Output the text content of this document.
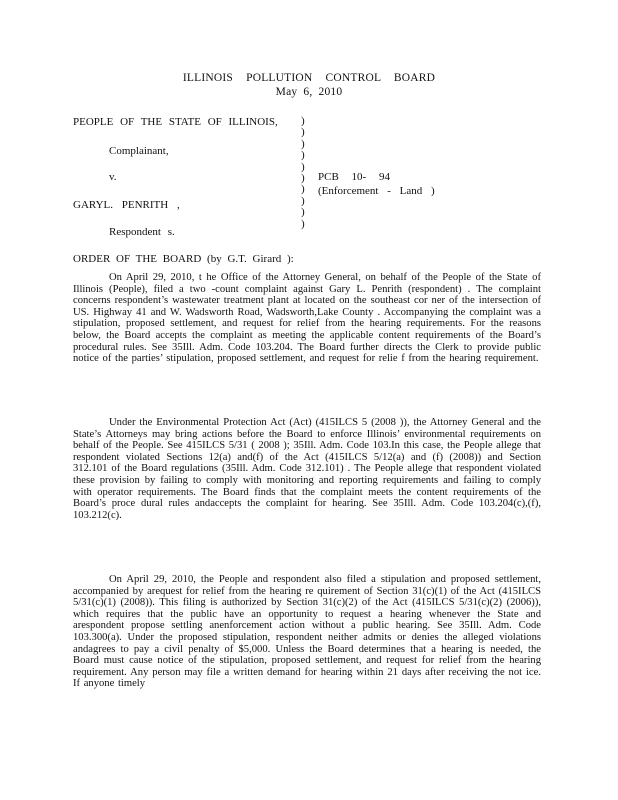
ILLINOIS POLLUTION CONTROL BOARD
May 6, 2010
PEOPLE OF THE STATE OF ILLINOIS,
Complainant,
v.
GARYL. PENRITH ,
Respondent s.
)
)
)
)
)
)
)
)
)
)
PCB 10- 94
(Enforcement - Land )
ORDER OF THE BOARD (by G.T. Girard ):

On April 29, 2010, t he Office of the Attorney General, on behalf of the People of the State of Illinois (People), filed a two -count complaint against Gary L. Penrith (respondent) . The complaint concerns respondent’s wastewater treatment plant at located on the southeast cor ner of the intersection of US. Highway 41 and W. Wadsworth Road, Wadsworth,Lake County . Accompanying the complaint was a stipulation, proposed settlement, and request for relief from the hearing requirements. For the reasons below, the Board accepts the complaint as meeting the applicable content requirements of the Board’s procedural rules. See 35Ill. Adm. Code 103.204. The Board further directs the Clerk to provide public notice of the parties’ stipulation, proposed settlement, and request for relie f from the hearing requirement.

Under the Environmental Protection Act (Act) (415ILCS 5 (2008 )), the Attorney General and the State’s Attorneys may bring actions before the Board to enforce Illinois’ environmental requirements on behalf of the People. See 415ILCS 5/31 ( 2008 ); 35Ill. Adm. Code 103.In this case, the People allege that respondent violated Sections 12(a) and(f) of the Act (415ILCS 5/12(a) and (f) (2008)) and Section 312.101 of the Board regulations (35Ill. Adm. Code 312.101) . The People allege that respondent violated these provision by failing to comply with monitoring and reporting requirements and failing to comply with operator requirements. The Board finds that the complaint meets the content requirements of the Board’s proce dural rules andaccepts the complaint for hearing. See 35Ill. Adm. Code 103.204(c),(f), 103.212(c).

On April 29, 2010, the People and respondent also filed a stipulation and proposed settlement, accompanied by arequest for relief from the hearing re quirement of Section 31(c)(1) of the Act (415ILCS 5/31(c)(1) (2008)). This filing is authorized by Section 31(c)(2) of the Act (415ILCS 5/31(c)(2) (2006)), which requires that the public have an opportunity to request a hearing whenever the State and arespondent propose settling anenforcement action without a public hearing. See 35Ill. Adm. Code 103.300(a). Under the proposed stipulation, respondent neither admits or denies the alleged violations andagrees to pay a civil penalty of $5,000. Unless the Board determines that a hearing is needed, the Board must cause notice of the stipulation, proposed settlement, and request for relief from the hearing requirement. Any person may file a written demand for hearing within 21 days after receiving the not ice. If anyone timely
